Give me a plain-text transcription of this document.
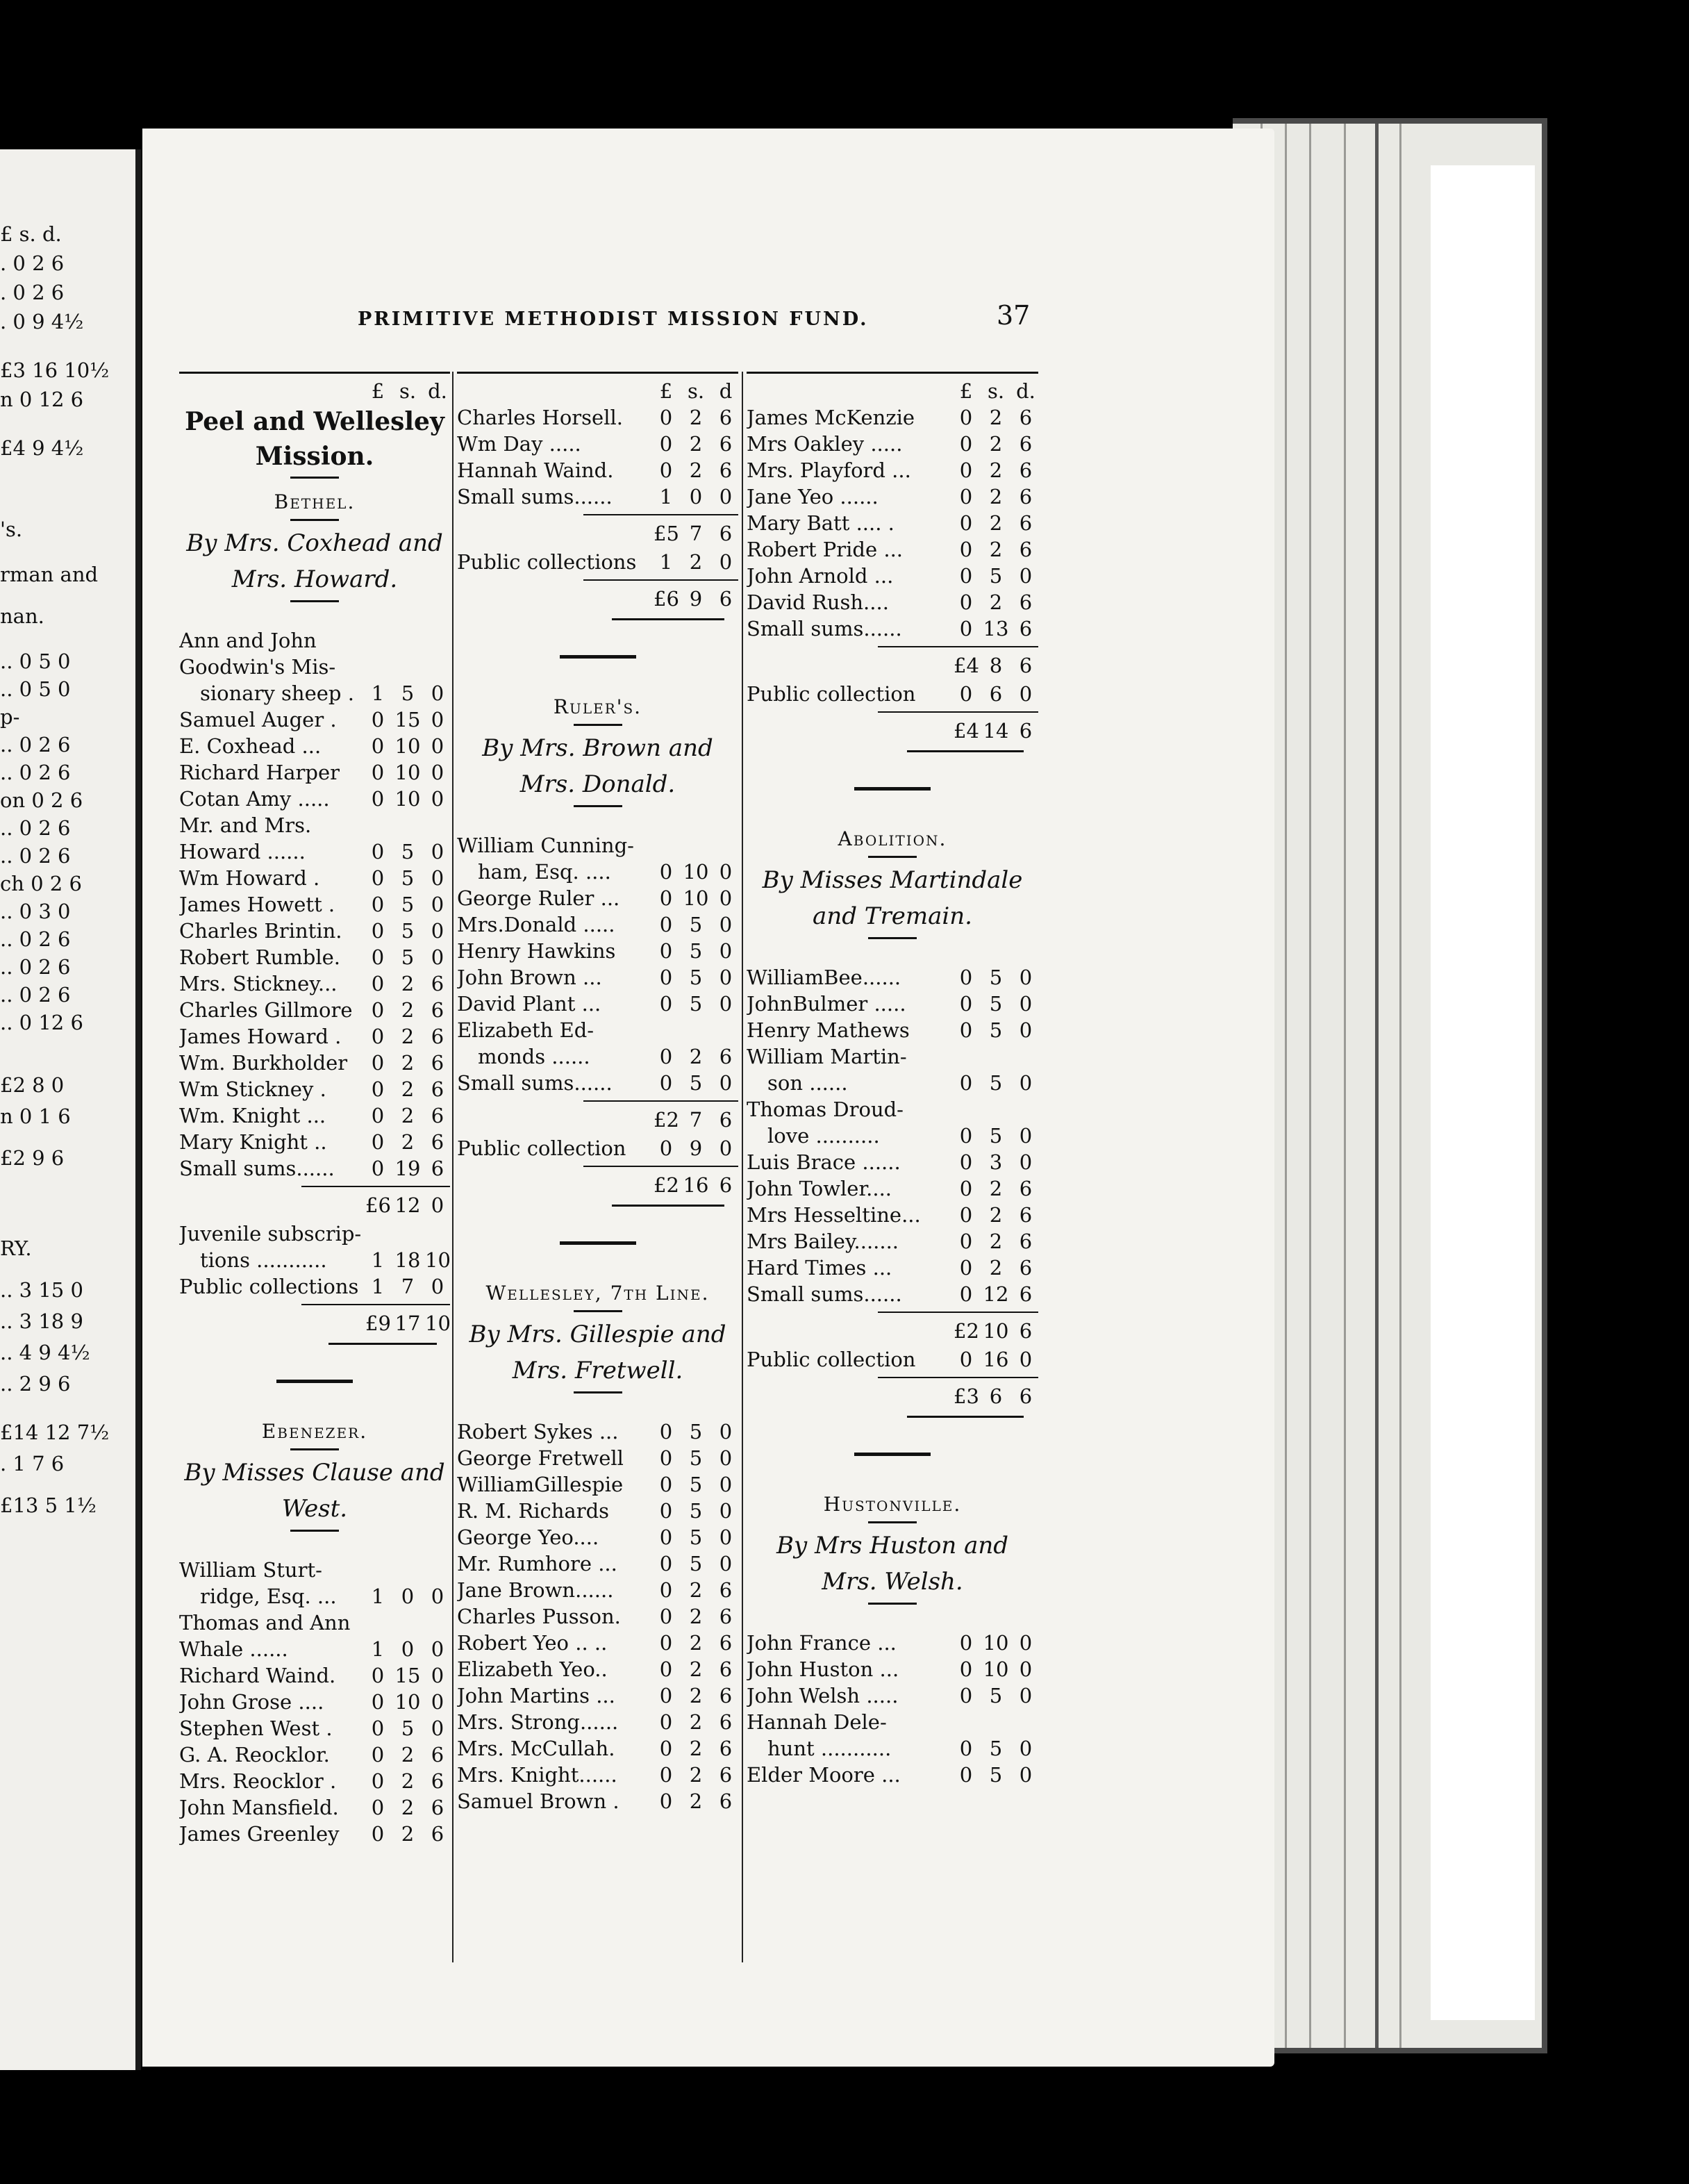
£ s. d.
. 0 2 6
. 0 2 6
. 0 9 4½
£3 16 10½
n 0 12 6
£4 9 4½
's.
rman and
nan.
.. 0 5 0
.. 0 5 0
p-
.. 0 2 6
.. 0 2 6
on 0 2 6
.. 0 2 6
.. 0 2 6
ch 0 2 6
.. 0 3 0
.. 0 2 6
.. 0 2 6
.. 0 2 6
.. 0 12 6
£2 8 0
n 0 1 6
£2 9 6
RY.
.. 3 15 0
.. 3 18 9
.. 4 9 4½
.. 2 9 6
£14 12 7½
. 1 7 6
£13 5 1½
PRIMITIVE METHODIST MISSION FUND.	37
£ s. d.
Peel and Wellesley
Mission.
Bethel.
By Mrs. Coxhead and
Mrs. Howard.
Ann and John
Goodwin's Mis-
sionary sheep . 1 5 0
Samuel Auger .	0 15 0
E. Coxhead ...	0 10 0
Richard Harper	0 10 0
Cotan Amy .....	0 10 0
Mr. and Mrs.
Howard ......	0 5 0
Wm Howard .	0 5 0
James Howett .	0 5 0
Charles Brintin.	0 5 0
Robert Rumble.	0 5 0
Mrs. Stickney...	0 2 6
Charles Gillmore 0 2 6
James Howard .	0 2 6
Wm. Burkholder	0 2 6
Wm Stickney .	0 2 6
Wm. Knight ...	0 2 6
Mary Knight ..	0 2 6
Small sums......	0 19 6
£6 12 0
Juvenile subscrip-
tions ...........	1 18 10
Public collections 1 7 0
£9 17 10
Ebenezer.
By Misses Clause and
West.
William Sturt-
ridge, Esq. ...	1 0 0
Thomas and Ann
Whale ......	1 0 0
Richard Waind.	0 15 0
John Grose ....	0 10 0
Stephen West .	0 5 0
G. A. Reocklor.	0 2 6
Mrs. Reocklor .	0 2 6
John Mansfield.	0 2 6
James Greenley	0 2 6
£ s. d
Charles Horsell.	0 2 6
Wm Day .....	0 2 6
Hannah Waind.	0 2 6
Small sums......	1 0 0
£5 7 6
Public collections	1 2 0
£6 9 6
Ruler's.
By Mrs. Brown and
Mrs. Donald.
William Cunning-
ham, Esq. ....	0 10 0
George Ruler ...	0 10 0
Mrs.Donald .....	0 5 0
Henry Hawkins	0 5 0
John Brown ...	0 5 0
David Plant ...	0 5 0
Elizabeth Ed-
monds ......	0 2 6
Small sums......	0 5 0
£2 7 6
Public collection	0 9 0
£2 16 6
Wellesley, 7th Line.
By Mrs. Gillespie and
Mrs. Fretwell.
Robert Sykes ...	0 5 0
George Fretwell	0 5 0
WilliamGillespie	0 5 0
R. M. Richards	0 5 0
George Yeo....	0 5 0
Mr. Rumhore ...	0 5 0
Jane Brown......	0 2 6
Charles Pusson.	0 2 6
Robert Yeo .. ..	0 2 6
Elizabeth Yeo..	0 2 6
John Martins ...	0 2 6
Mrs. Strong......	0 2 6
Mrs. McCullah.	0 2 6
Mrs. Knight......	0 2 6
Samuel Brown .	0 2 6
£ s. d.
James McKenzie	0 2 6
Mrs Oakley .....	0 2 6
Mrs. Playford ...	0 2 6
Jane Yeo ......	0 2 6
Mary Batt .... .	0 2 6
Robert Pride ...	0 2 6
John Arnold ...	0 5 0
David Rush....	0 2 6
Small sums......	0 13 6
£4 8 6
Public collection	0 6 0
£4 14 6
Abolition.
By Misses Martindale
and Tremain.
WilliamBee......	0 5 0
JohnBulmer .....	0 5 0
Henry Mathews	0 5 0
William Martin-
son ......	0 5 0
Thomas Droud-
love ..........	0 5 0
Luis Brace ......	0 3 0
John Towler....	0 2 6
Mrs Hesseltine...	0 2 6
Mrs Bailey.......	0 2 6
Hard Times ...	0 2 6
Small sums......	0 12 6
£2 10 6
Public collection	0 16 0
£3 6 6
Hustonville.
By Mrs Huston and
Mrs. Welsh.
John France ...	0 10 0
John Huston ...	0 10 0
John Welsh .....	0 5 0
Hannah Dele-
hunt ...........	0 5 0
Elder Moore ...	0 5 0
